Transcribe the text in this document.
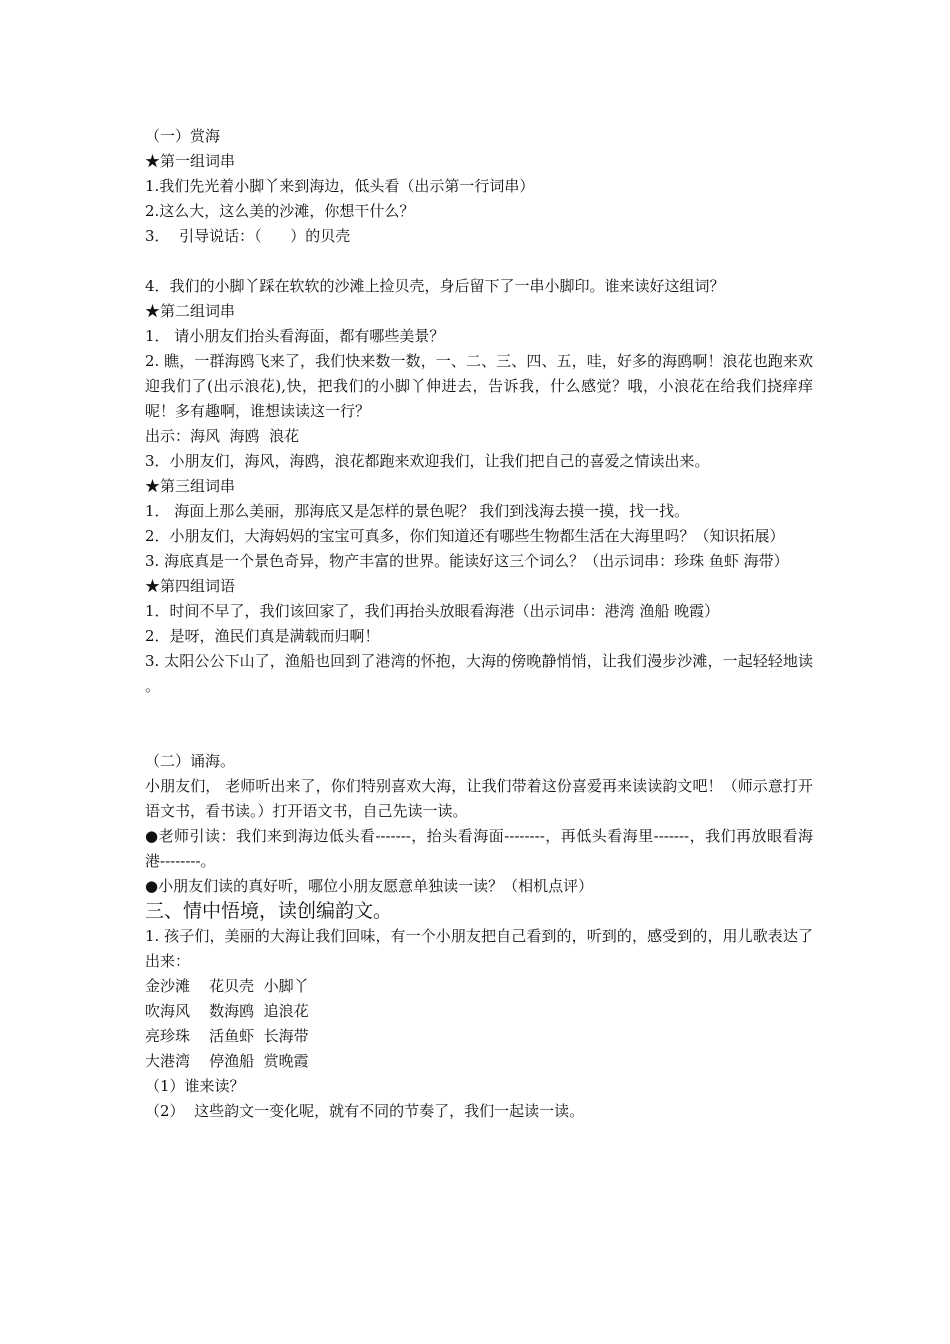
（一）赏海

★第一组词串

1.我们先光着小脚丫来到海边，低头看（出示第一行词串）

2.这么大，这么美的沙滩，你想干什么？

3．  引导说话：（      ）的贝壳

4．我们的小脚丫踩在软软的沙滩上捡贝壳，身后留下了一串小脚印。谁来读好这组词？

★第二组词串

1． 请小朋友们抬头看海面，都有哪些美景？

2. 瞧，一群海鸥飞来了，我们快来数一数，一、二、三、四、五，哇，好多的海鸥啊！浪花也跑来欢迎我们了(出示浪花),快，把我们的小脚丫伸进去，告诉我，什么感觉？哦，小浪花在给我们挠痒痒呢！多有趣啊，谁想读读这一行？

出示：海风  海鸥  浪花

3．小朋友们，海风，海鸥，浪花都跑来欢迎我们，让我们把自己的喜爱之情读出来。

★第三组词串

1． 海面上那么美丽，那海底又是怎样的景色呢？ 我们到浅海去摸一摸，找一找。

2．小朋友们，大海妈妈的宝宝可真多，你们知道还有哪些生物都生活在大海里吗？（知识拓展）

3. 海底真是一个景色奇异，物产丰富的世界。能读好这三个词么？（出示词串：珍珠 鱼虾 海带）

★第四组词语

1．时间不早了，我们该回家了，我们再抬头放眼看海港（出示词串：港湾 渔船 晚霞）

2．是呀，渔民们真是满载而归啊！

3. 太阳公公下山了，渔船也回到了港湾的怀抱，大海的傍晚静悄悄，让我们漫步沙滩，一起轻轻地读 。

（二）诵海。

小朋友们， 老师听出来了，你们特别喜欢大海，让我们带着这份喜爱再来读读韵文吧！（师示意打开语文书，看书读。）打开语文书，自己先读一读。

●老师引读：我们来到海边低头看-------，抬头看海面--------，再低头看海里-------，我们再放眼看海港--------。

●小朋友们读的真好听，哪位小朋友愿意单独读一读？（相机点评）

三、情中悟境，读创编韵文。

1. 孩子们，美丽的大海让我们回味，有一个小朋友把自己看到的，听到的，感受到的，用儿歌表达了出来：

金沙滩    花贝壳  小脚丫

吹海风    数海鸥  追浪花

亮珍珠    活鱼虾  长海带

大港湾    停渔船  赏晚霞

（1）谁来读？

（2）  这些韵文一变化呢，就有不同的节奏了，我们一起读一读。
